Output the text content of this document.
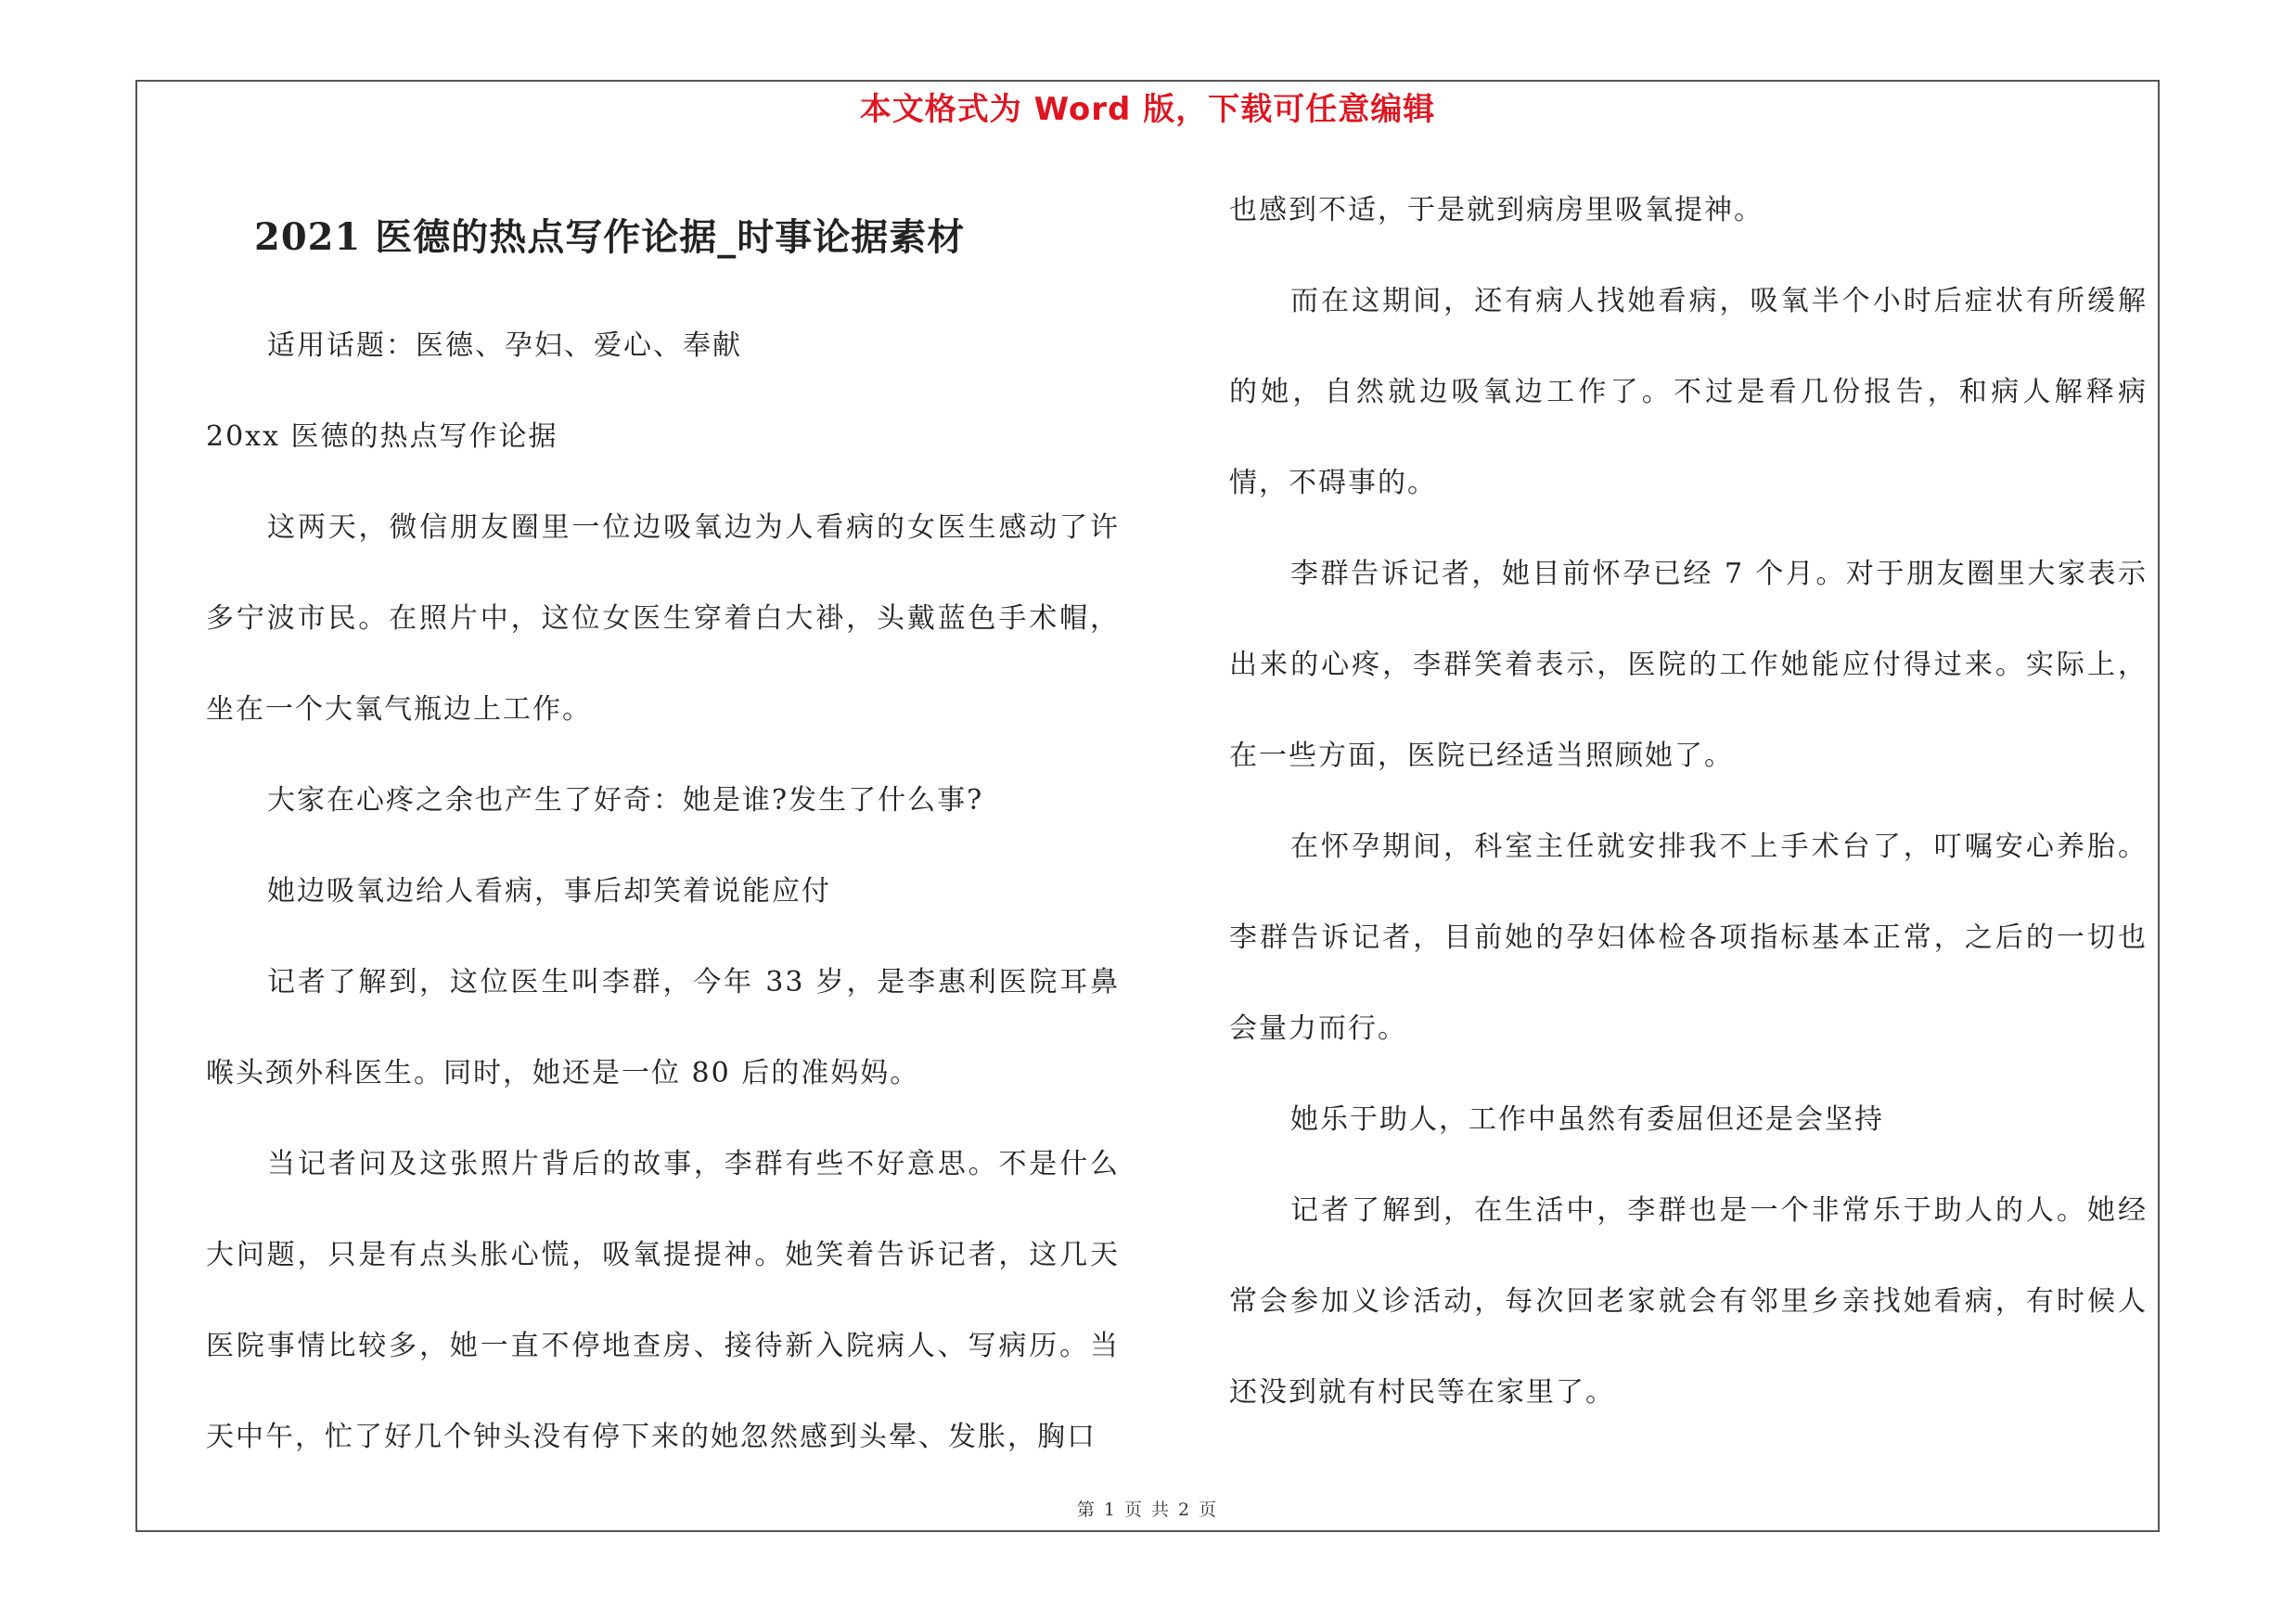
本文格式为 Word 版，下载可任意编辑
2021 医德的热点写作论据_时事论据素材

适用话题：医德、孕妇、爱心、奉献

20xx 医德的热点写作论据

这两天，微信朋友圈里一位边吸氧边为人看病的女医生感动了许多宁波市民。在照片中，这位女医生穿着白大褂，头戴蓝色手术帽，坐在一个大氧气瓶边上工作。

大家在心疼之余也产生了好奇：她是谁?发生了什么事?

她边吸氧边给人看病，事后却笑着说能应付

记者了解到，这位医生叫李群，今年 33 岁，是李惠利医院耳鼻喉头颈外科医生。同时，她还是一位 80 后的准妈妈。

当记者问及这张照片背后的故事，李群有些不好意思。不是什么大问题，只是有点头胀心慌，吸氧提提神。她笑着告诉记者，这几天医院事情比较多，她一直不停地查房、接待新入院病人、写病历。当天中午，忙了好几个钟头没有停下来的她忽然感到头晕、发胀，胸口

也感到不适，于是就到病房里吸氧提神。

而在这期间，还有病人找她看病，吸氧半个小时后症状有所缓解的她，自然就边吸氧边工作了。不过是看几份报告，和病人解释病情，不碍事的。

李群告诉记者，她目前怀孕已经 7 个月。对于朋友圈里大家表示出来的心疼，李群笑着表示，医院的工作她能应付得过来。实际上，在一些方面，医院已经适当照顾她了。

在怀孕期间，科室主任就安排我不上手术台了，叮嘱安心养胎。李群告诉记者，目前她的孕妇体检各项指标基本正常，之后的一切也会量力而行。

她乐于助人，工作中虽然有委屈但还是会坚持

记者了解到，在生活中，李群也是一个非常乐于助人的人。她经常会参加义诊活动，每次回老家就会有邻里乡亲找她看病，有时候人还没到就有村民等在家里了。

第 1 页 共 2 页
